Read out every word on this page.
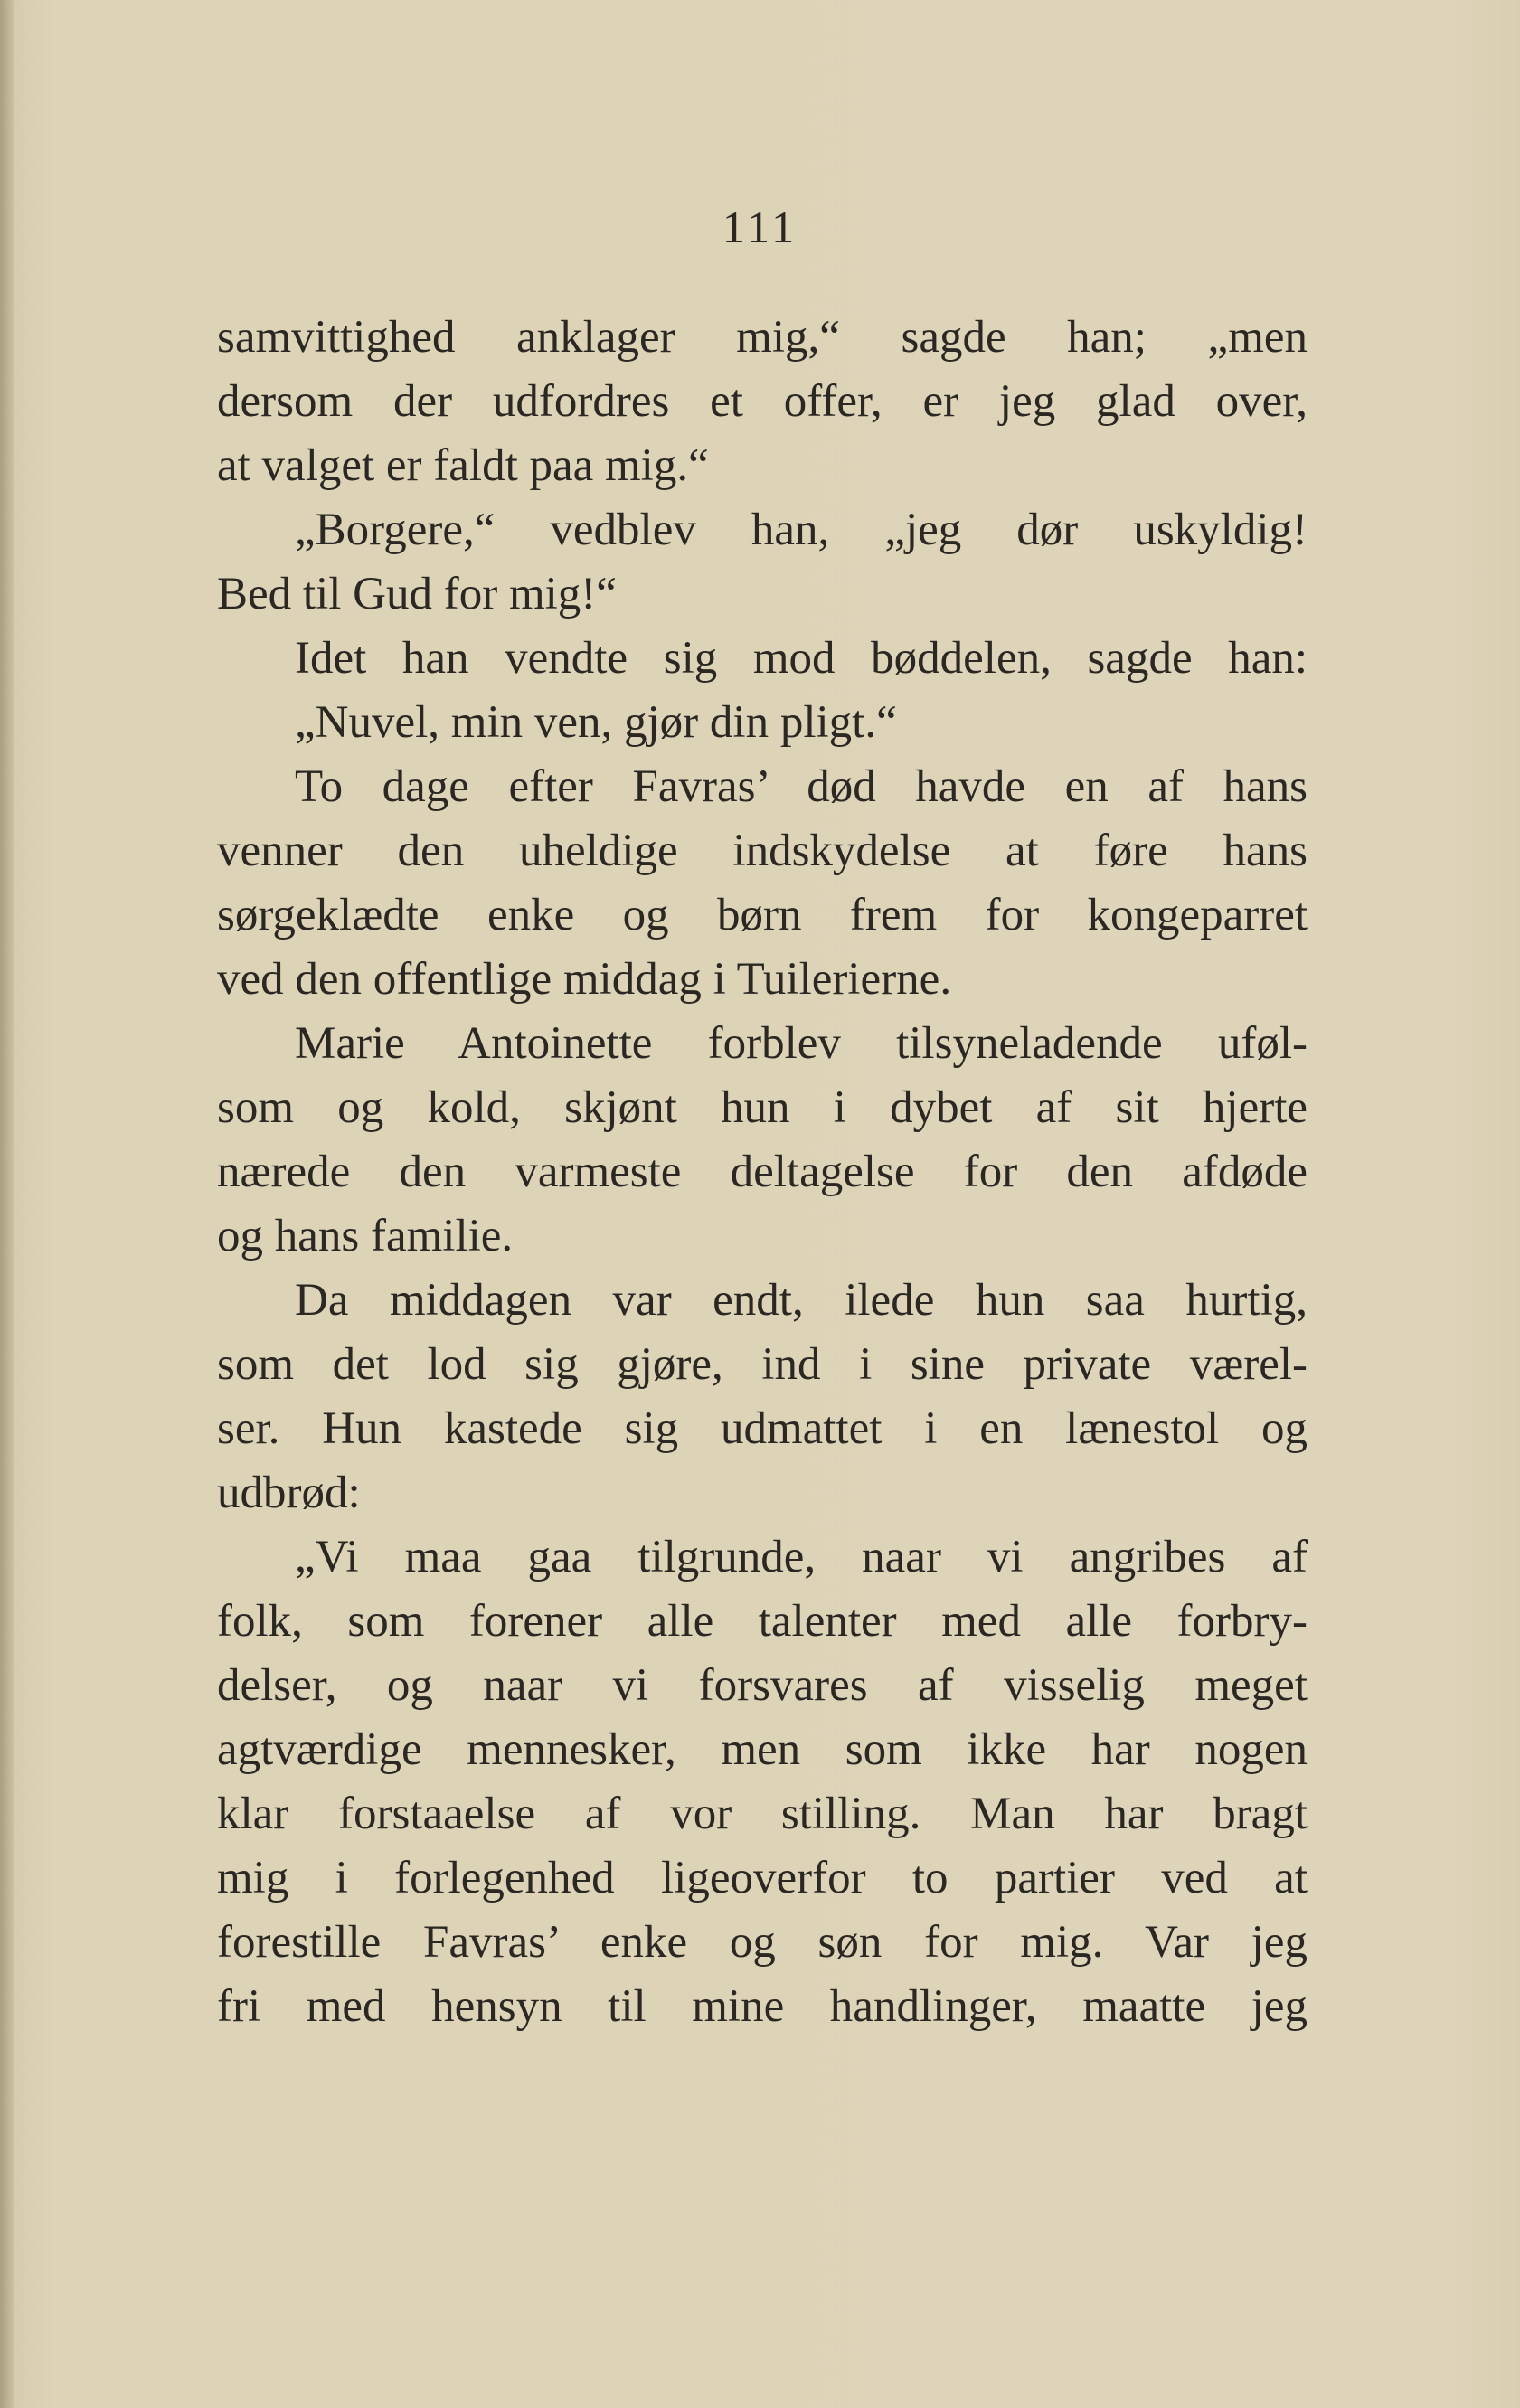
111
samvittighed anklager mig,“ sagde han; „men
dersom der udfordres et offer, er jeg glad over,
at valget er faldt paa mig.“
„Borgere,“ vedblev han, „jeg dør uskyldig!
Bed til Gud for mig!“
Idet han vendte sig mod bøddelen, sagde han:
„Nuvel, min ven, gjør din pligt.“
To dage efter Favras’ død havde en af hans
venner den uheldige indskydelse at føre hans
sørgeklædte enke og børn frem for kongeparret
ved den offentlige middag i Tuilerierne.
Marie Antoinette forblev tilsyneladende uføl-
som og kold, skjønt hun i dybet af sit hjerte
nærede den varmeste deltagelse for den afdøde
og hans familie.
Da middagen var endt, ilede hun saa hurtig,
som det lod sig gjøre, ind i sine private værel-
ser. Hun kastede sig udmattet i en lænestol og
udbrød:
„Vi maa gaa tilgrunde, naar vi angribes af
folk, som forener alle talenter med alle forbry-
delser, og naar vi forsvares af visselig meget
agtværdige mennesker, men som ikke har nogen
klar forstaaelse af vor stilling. Man har bragt
mig i forlegenhed ligeoverfor to partier ved at
forestille Favras’ enke og søn for mig. Var jeg
fri med hensyn til mine handlinger, maatte jeg
